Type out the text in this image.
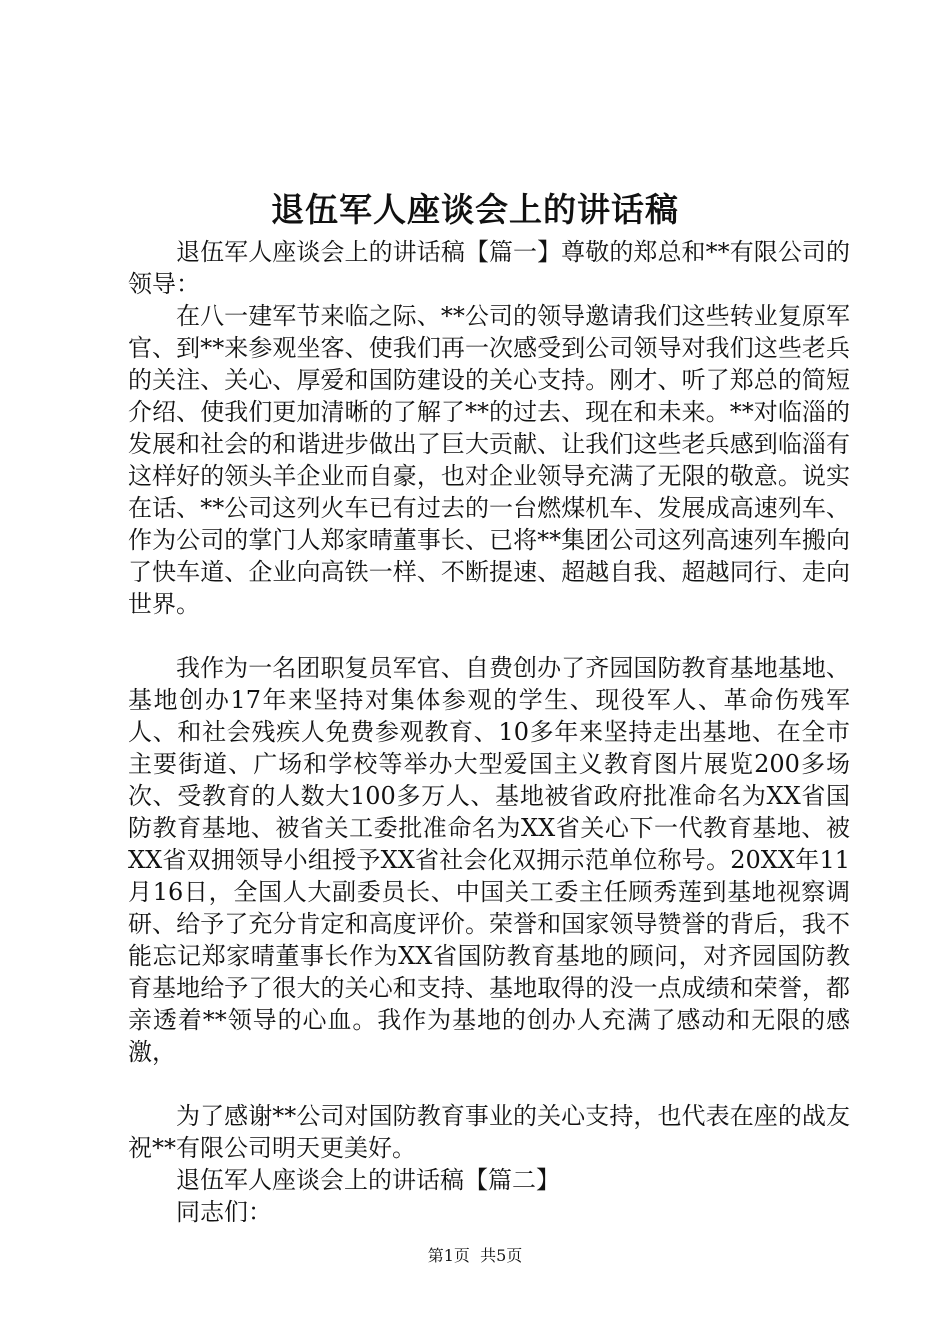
退伍军人座谈会上的讲话稿

退伍军人座谈会上的讲话稿【篇一】尊敬的郑总和**有限公司的领导：

在八一建军节来临之际、**公司的领导邀请我们这些转业复原军官、到**来参观坐客、使我们再一次感受到公司领导对我们这些老兵的关注、关心、厚爱和国防建设的关心支持。刚才、听了郑总的简短介绍、使我们更加清晰的了解了**的过去、现在和未来。**对临淄的发展和社会的和谐进步做出了巨大贡献、让我们这些老兵感到临淄有这样好的领头羊企业而自豪，也对企业领导充满了无限的敬意。说实在话、**公司这列火车已有过去的一台燃煤机车、发展成高速列车、作为公司的掌门人郑家晴董事长、已将**集团公司这列高速列车搬向了快车道、企业向高铁一样、不断提速、超越自我、超越同行、走向世界。

我作为一名团职复员军官、自费创办了齐园国防教育基地基地、基地创办17年来坚持对集体参观的学生、现役军人、革命伤残军人、和社会残疾人免费参观教育、10多年来坚持走出基地、在全市主要街道、广场和学校等举办大型爱国主义教育图片展览200多场次、受教育的人数大100多万人、基地被省政府批准命名为XX省国防教育基地、被省关工委批准命名为XX省关心下一代教育基地、被XX省双拥领导小组授予XX省社会化双拥示范单位称号。20XX年11月16日，全国人大副委员长、中国关工委主任顾秀莲到基地视察调研、给予了充分肯定和高度评价。荣誉和国家领导赞誉的背后，我不能忘记郑家晴董事长作为XX省国防教育基地的顾问，对齐园国防教育基地给予了很大的关心和支持、基地取得的没一点成绩和荣誉，都亲透着**领导的心血。我作为基地的创办人充满了感动和无限的感激，

为了感谢**公司对国防教育事业的关心支持，也代表在座的战友祝**有限公司明天更美好。

退伍军人座谈会上的讲话稿【篇二】

同志们：

第1页  共5页
